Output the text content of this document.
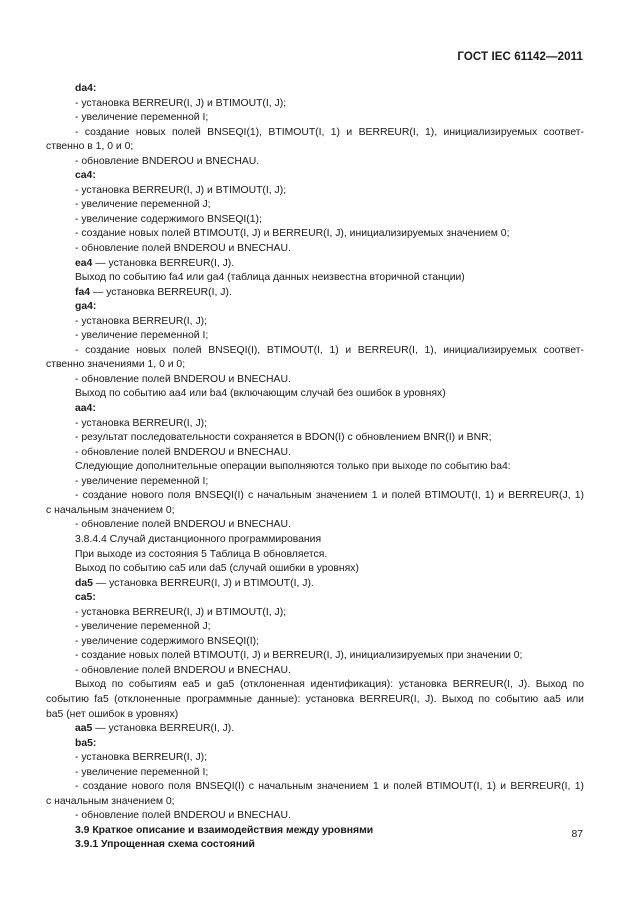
ГОСТ IEC 61142—2011
da4:
- установка BERREUR(I, J) и BTIMOUT(I, J);
- увеличение переменной I;
- создание новых полей BNSEQI(1), BTIMOUT(I, 1) и BERREUR(I, 1), инициализируемых соответ-
ственно в 1, 0 и 0;
- обновление BNDEROU и BNECHAU.
ca4:
- установка BERREUR(I, J) и BTIMOUT(I, J);
- увеличение переменной J;
- увеличение содержимого BNSEQI(1);
- создание новых полей BTIMOUT(I, J) и BERREUR(I, J), инициализируемых значением 0;
- обновление полей BNDEROU и BNECHAU.
ea4 — установка BERREUR(I, J).
Выход по событию fa4 или ga4 (таблица данных неизвестна вторичной станции)
fa4 — установка BERREUR(I, J).
ga4:
- установка BERREUR(I, J);
- увеличение переменной I;
- создание новых полей BNSEQI(I), BTIMOUT(I, 1) и BERREUR(I, 1), инициализируемых соответ-
ственно значениями 1, 0 и 0;
- обновление полей BNDEROU и BNECHAU.
Выход по событию аа4 или ba4 (включающим случай без ошибок в уровнях)
aa4:
- установка BERREUR(I, J);
- результат последовательности сохраняется в BDON(I) с обновлением BNR(I) и BNR;
- обновление полей BNDEROU и BNECHAU.
Следующие дополнительные операции выполняются только при выходе по событию ba4:
- увеличение переменной I;
- создание нового поля BNSEQI(I) с начальным значением 1 и полей BTIMOUT(I, 1) и BERREUR(J, 1)
с начальным значением 0;
- обновление полей BNDEROU и BNECHAU.
3.8.4.4 Случай дистанционного программирования
При выходе из состояния 5 Таблица В обновляется.
Выход по событию ca5 или da5 (случай ошибки в уровнях)
da5 — установка BERREUR(I, J) и BTIMOUT(I, J).
ca5:
- установка BERREUR(I, J) и BTIMOUT(I, J);
- увеличение переменной J;
- увеличение содержимого BNSEQI(I);
- создание новых полей BTIMOUT(I, J) и BERREUR(I, J), инициализируемых при значении 0;
- обновление полей BNDEROU и BNECHAU.
Выход по событиям ea5 и ga5 (отклоненная идентификация): установка BERREUR(I, J). Выход по
событию fa5 (отклоненные программные данные): установка BERREUR(I, J). Выход по событию aa5 или
ba5 (нет ошибок в уровнях)
aa5 — установка BERREUR(I, J).
ba5:
- установка BERREUR(I, J);
- увеличение переменной I;
- создание нового поля BNSEQI(I) с начальным значением 1 и полей BTIMOUT(I, 1) и BERREUR(I, 1)
с начальным значением 0;
- обновление полей BNDEROU и BNECHAU.
3.9 Краткое описание и взаимодействия между уровнями
3.9.1 Упрощенная схема состояний
87
